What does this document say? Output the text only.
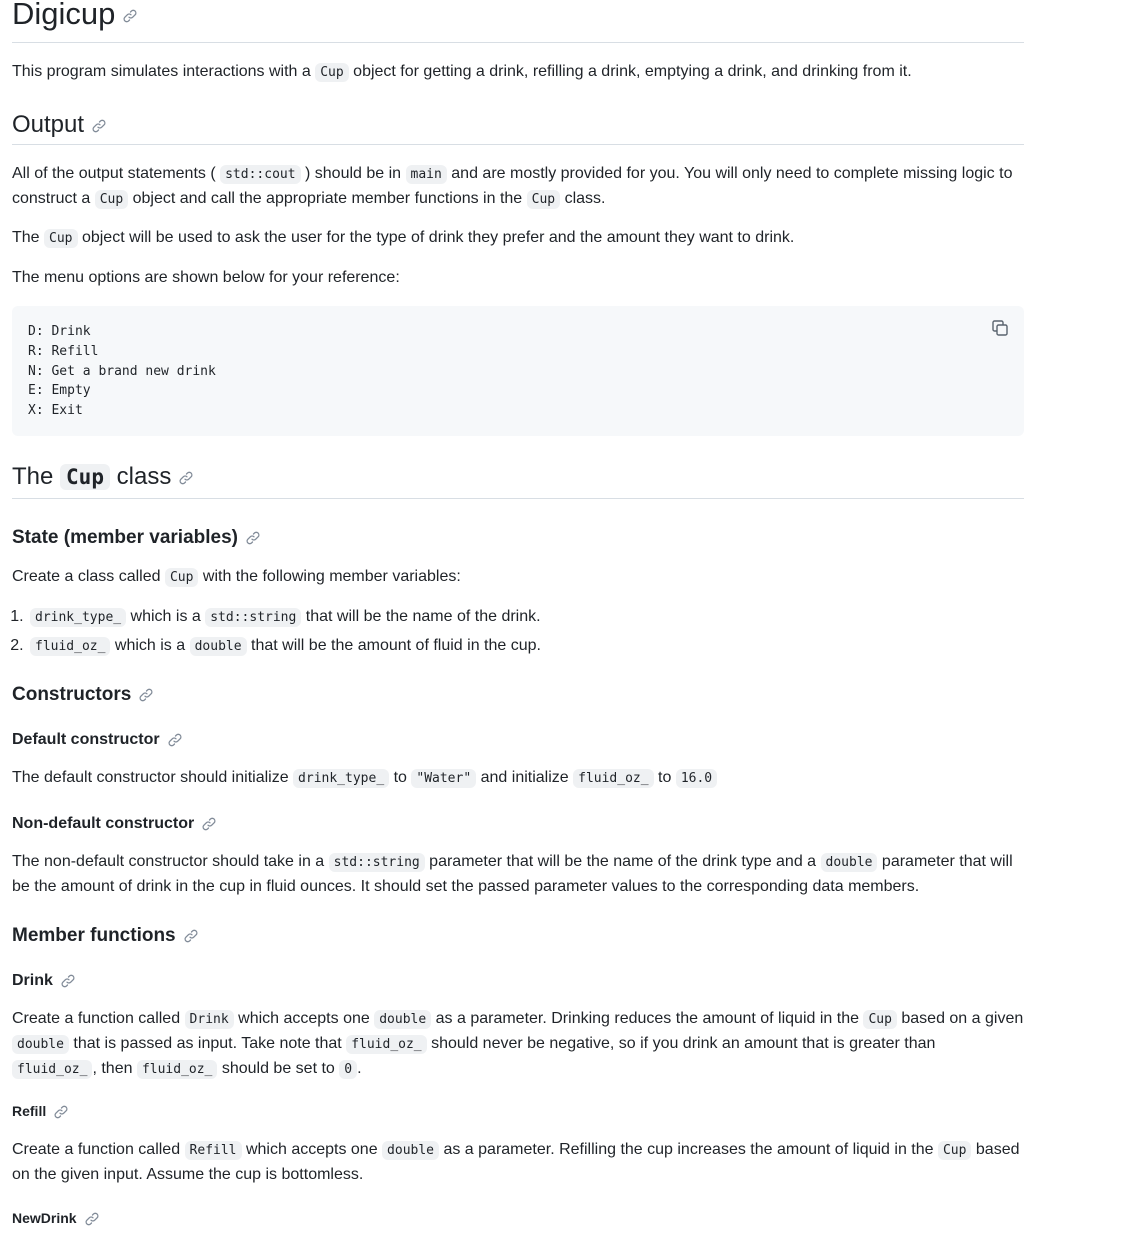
Digicup

This program simulates interactions with a Cup object for getting a drink, refilling a drink, emptying a drink, and drinking from it.

Output

All of the output statements ( std::cout ) should be in main and are mostly provided for you. You will only need to complete missing logic to construct a Cup object and call the appropriate member functions in the Cup class.

The Cup object will be used to ask the user for the type of drink they prefer and the amount they want to drink.

The menu options are shown below for your reference:

D: Drink
R: Refill
N: Get a brand new drink
E: Empty
X: Exit
The Cup class
State (member variables)

Create a class called Cup with the following member variables:

1. drink_type_ which is a std::string that will be the name of the drink.
2. fluid_oz_ which is a double that will be the amount of fluid in the cup.
Constructors
Default constructor

The default constructor should initialize drink_type_ to "Water" and initialize fluid_oz_ to 16.0

Non-default constructor

The non-default constructor should take in a std::string parameter that will be the name of the drink type and a double parameter that will be the amount of drink in the cup in fluid ounces. It should set the passed parameter values to the corresponding data members.

Member functions
Drink

Create a function called Drink which accepts one double as a parameter. Drinking reduces the amount of liquid in the Cup based on a given double that is passed as input. Take note that fluid_oz_ should never be negative, so if you drink an amount that is greater than fluid_oz_ , then fluid_oz_ should be set to 0 .

Refill

Create a function called Refill which accepts one double as a parameter. Refilling the cup increases the amount of liquid in the Cup based on the given input. Assume the cup is bottomless.

NewDrink
